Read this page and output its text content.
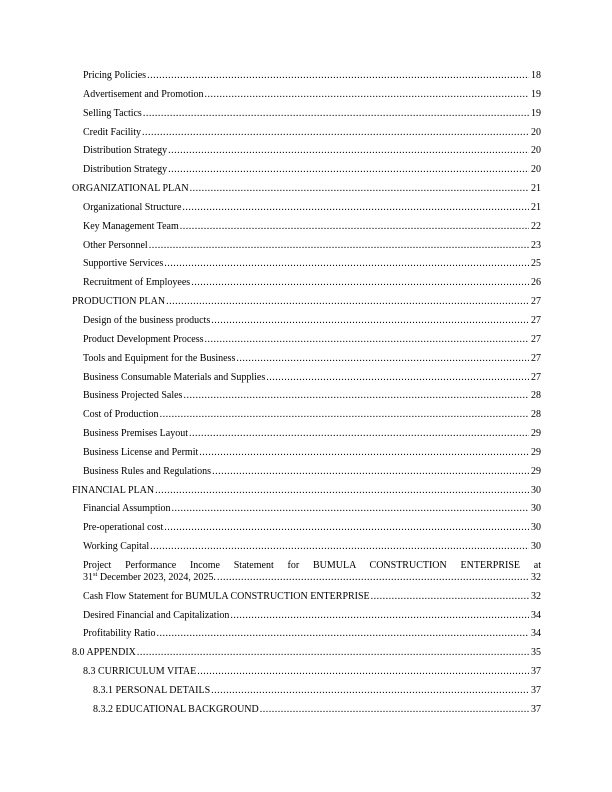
Pricing Policies .....	18
Advertisement and Promotion .....	19
Selling Tactics .....	19
Credit Facility .....	20
Distribution Strategy .....	20
Distribution Strategy .....	20
ORGANIZATIONAL PLAN .....	21
Organizational Structure .....	21
Key Management Team .....	22
Other Personnel .....	23
Supportive Services .....	25
Recruitment of Employees .....	26
PRODUCTION PLAN .....	27
Design of the business products .....	27
Product Development Process .....	27
Tools and Equipment for the Business .....	27
Business Consumable Materials and Supplies .....	27
Business Projected Sales .....	28
Cost of Production .....	28
Business Premises Layout .....	29
Business License and Permit .....	29
Business Rules and Regulations .....	29
FINANCIAL PLAN .....	30
Financial Assumption .....	30
Pre-operational cost .....	30
Working Capital .....	30
Project Performance Income Statement for BUMULA CONSTRUCTION ENTERPRISE at
31st December 2023, 2024, 2025. .....	32
Cash Flow Statement for BUMULA CONSTRUCTION ENTERPRISE .....	32
Desired Financial and Capitalization .....	34
Profitability Ratio .....	34
8.0 APPENDIX .....	35
8.3 CURRICULUM VITAE .....	37
8.3.1 PERSONAL DETAILS .....	37
8.3.2 EDUCATIONAL BACKGROUND .....	37
